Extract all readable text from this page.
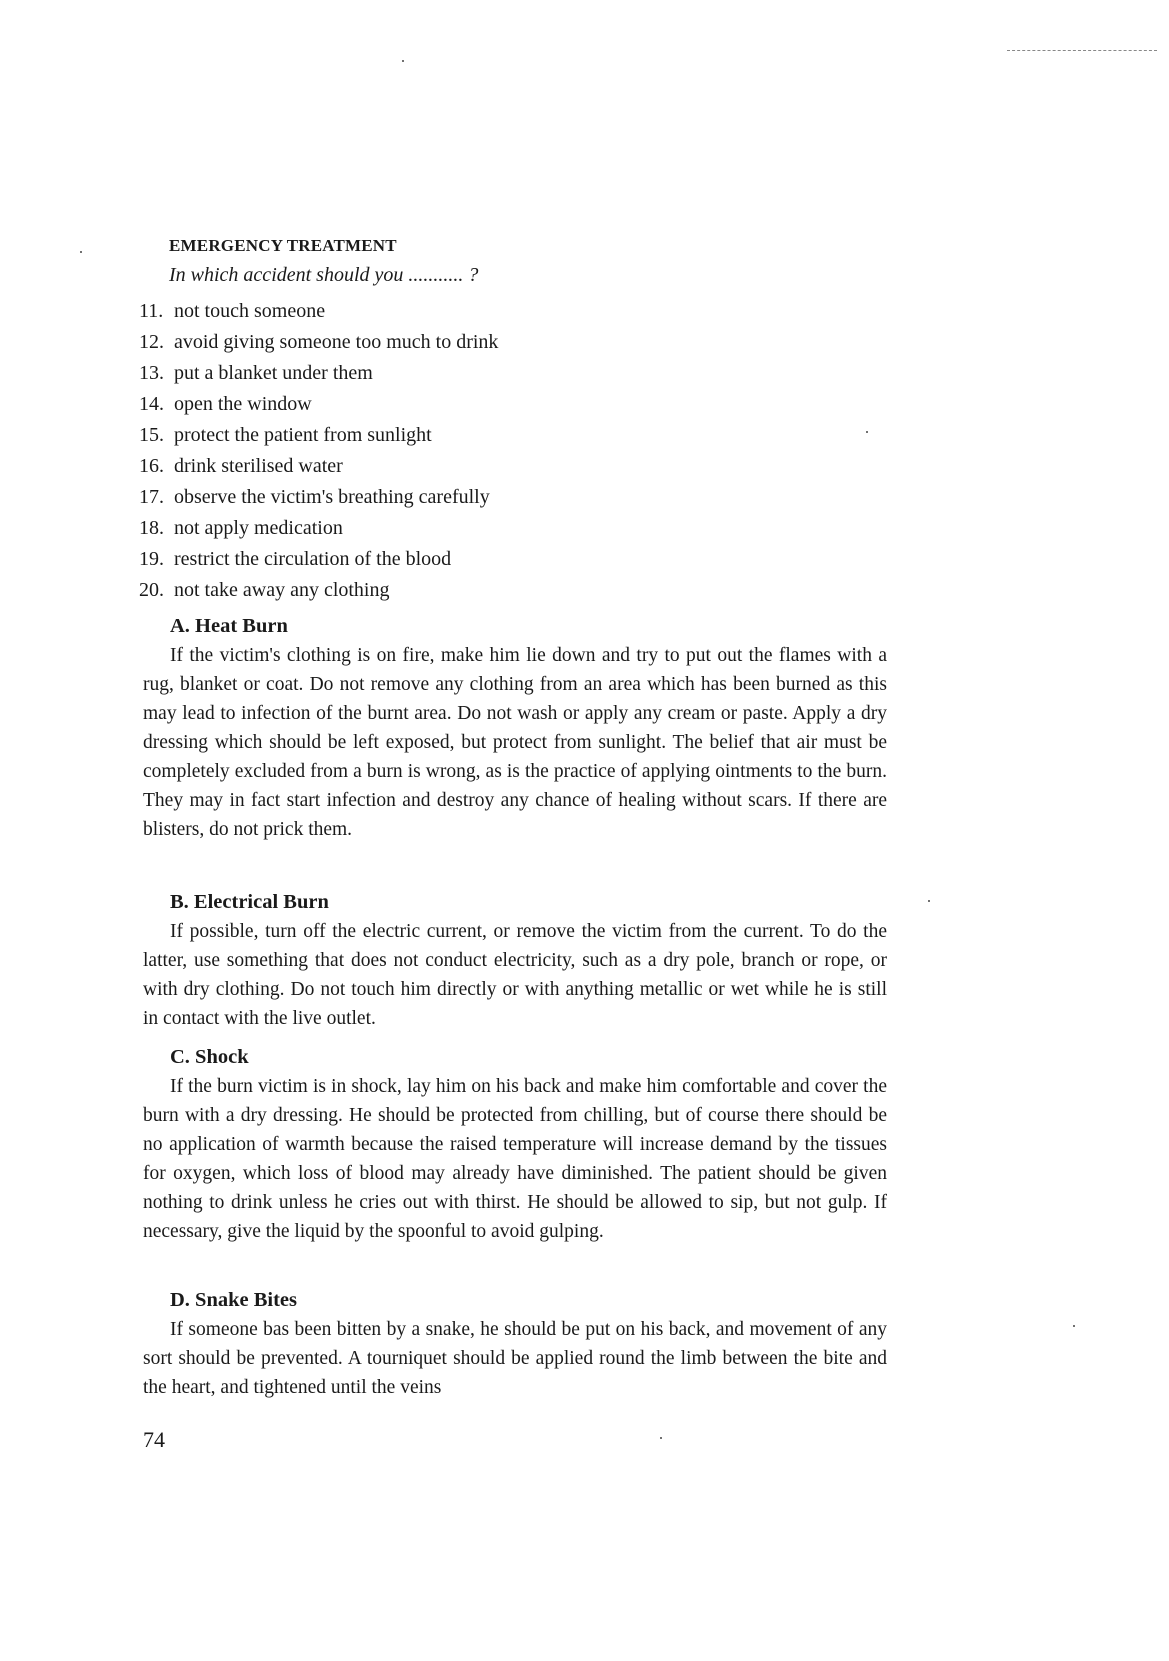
EMERGENCY TREATMENT
In which accident should you ........... ?
11. not touch someone
12. avoid giving someone too much to drink
13. put a blanket under them
14. open the window
15. protect the patient from sunlight
16. drink sterilised water
17. observe the victim's breathing carefully
18. not apply medication
19. restrict the circulation of the blood
20. not take away any clothing
A. Heat Burn

If the victim's clothing is on fire, make him lie down and try to put out the flames with a rug, blanket or coat. Do not remove any clothing from an area which has been burned as this may lead to infection of the burnt area. Do not wash or apply any cream or paste. Apply a dry dressing which should be left exposed, but protect from sunlight. The belief that air must be completely excluded from a burn is wrong, as is the practice of applying ointments to the burn. They may in fact start infection and destroy any chance of healing without scars. If there are blisters, do not prick them.

B. Electrical Burn

If possible, turn off the electric current, or remove the victim from the current. To do the latter, use something that does not conduct electricity, such as a dry pole, branch or rope, or with dry clothing. Do not touch him directly or with anything metallic or wet while he is still in contact with the live outlet.

C. Shock

If the burn victim is in shock, lay him on his back and make him comfortable and cover the burn with a dry dressing. He should be protected from chilling, but of course there should be no application of warmth because the raised temperature will increase demand by the tissues for oxygen, which loss of blood may already have diminished. The patient should be given nothing to drink unless he cries out with thirst. He should be allowed to sip, but not gulp. If necessary, give the liquid by the spoonful to avoid gulping.

D. Snake Bites

If someone bas been bitten by a snake, he should be put on his back, and movement of any sort should be prevented. A tourniquet should be applied round the limb between the bite and the heart, and tightened until the veins

74
